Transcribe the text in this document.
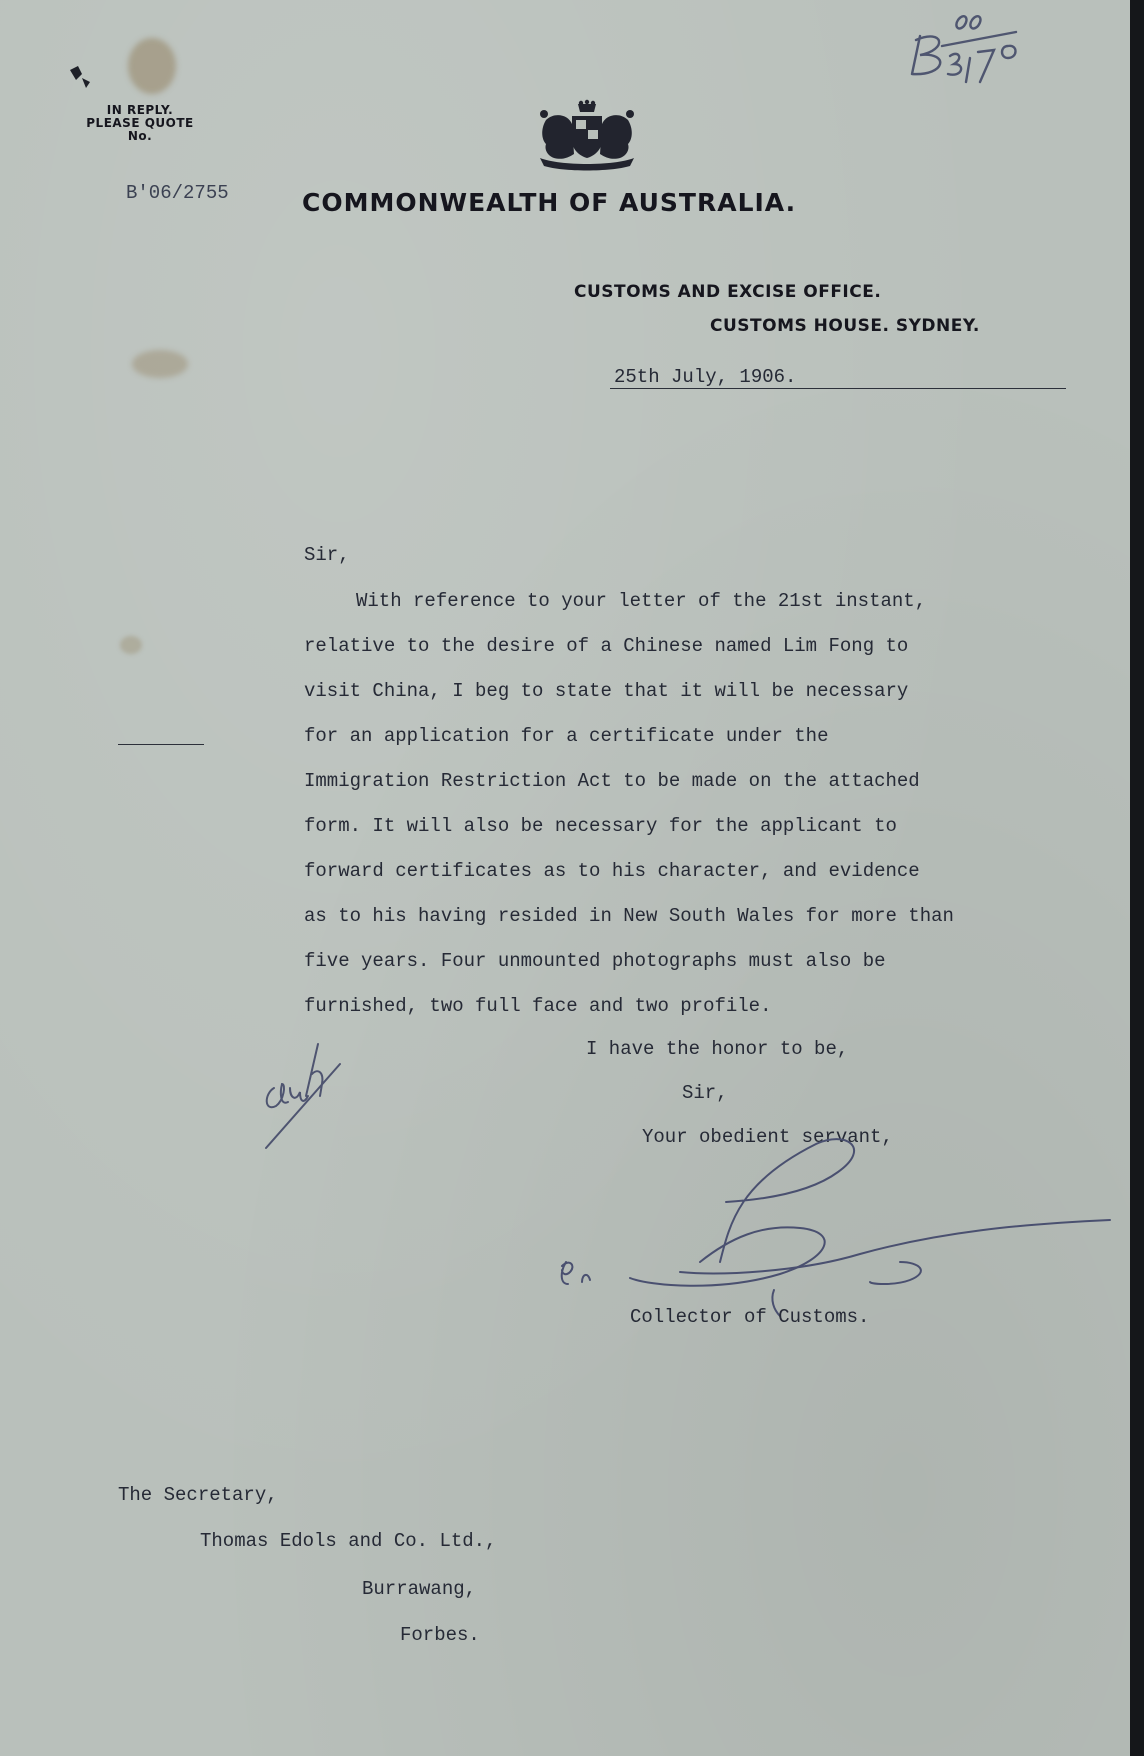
IN REPLY.
PLEASE QUOTE
No.
B'06/2755	COMMONWEALTH OF AUSTRALIA.
CUSTOMS AND EXCISE OFFICE.
CUSTOMS HOUSE. SYDNEY.
25th July, 1906.
Sir,
With reference to your letter of the 21st instant,
relative to the desire of a Chinese named Lim Fong to
visit China, I beg to state that it will be necessary
for an application for a certificate under the
Immigration Restriction Act to be made on the attached
form. It will also be necessary for the applicant to
forward certificates as to his character, and evidence
as to his having resided in New South Wales for more than
five years. Four unmounted photographs must also be
furnished, two full face and two profile.
I have the honor to be,
Sir,
Your obedient servant,
Collector of Customs.
The Secretary,
Thomas Edols and Co. Ltd.,
Burrawang,
Forbes.
